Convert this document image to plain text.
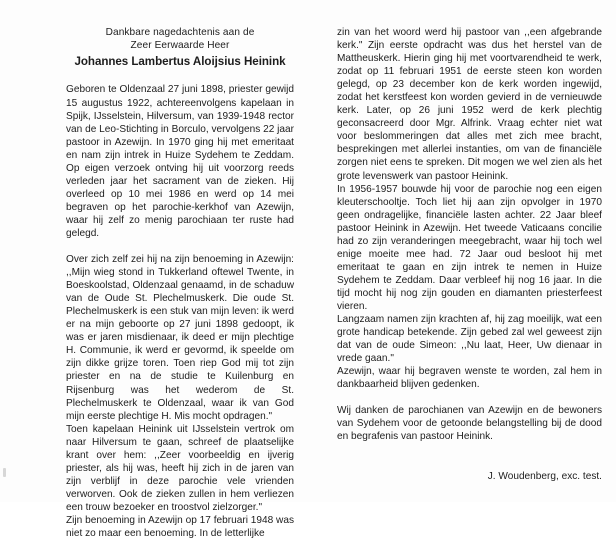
Dankbare nagedachtenis aan de
Zeer Eerwaarde Heer
Johannes Lambertus Aloijsius Heinink

Geboren te Oldenzaal 27 juni 1898, priester gewijd 15 augustus 1922, achtereenvolgens kapelaan in Spijk, IJsselstein, Hilversum, van 1939-1948 rector van de Leo-Stichting in Borculo, vervolgens 22 jaar pastoor in Azewijn. In 1970 ging hij met emeritaat en nam zijn intrek in Huize Sydehem te Zeddam. Op eigen verzoek ontving hij uit voorzorg reeds verleden jaar het sacrament van de zieken. Hij overleed op 10 mei 1986 en werd op 14 mei begraven op het parochie-kerkhof van Azewijn, waar hij zelf zo menig parochiaan ter ruste had gelegd.

Over zich zelf zei hij na zijn benoeming in Azewijn: ,,Mijn wieg stond in Tukkerland oftewel Twente, in Boeskoolstad, Oldenzaal genaamd, in de schaduw van de Oude St. Plechelmuskerk. Die oude St. Plechelmuskerk is een stuk van mijn leven: ik werd er na mijn geboorte op 27 juni 1898 gedoopt, ik was er jaren misdienaar, ik deed er mijn plechtige H. Communie, ik werd er gevormd, ik speelde om zijn dikke grijze toren. Toen riep God mij tot zijn priester en na de studie te Kuilenburg en Rijsenburg was het wederom de St. Plechelmuskerk te Oldenzaal, waar ik van God mijn eerste plechtige H. Mis mocht opdragen."

Toen kapelaan Heinink uit IJsselstein vertrok om naar Hilversum te gaan, schreef de plaatselijke krant over hem: ,,Zeer voorbeeldig en ijverig priester, als hij was, heeft hij zich in de jaren van zijn verblijf in deze parochie vele vrienden verworven. Ook de zieken zullen in hem verliezen een trouw bezoeker en troostvol zielzorger."

Zijn benoeming in Azewijn op 17 februari 1948 was niet zo maar een benoeming. In de letterlijke

zin van het woord werd hij pastoor van ,,een afgebrande kerk." Zijn eerste opdracht was dus het herstel van de Mattheuskerk. Hierin ging hij met voortvarendheid te werk, zodat op 11 februari 1951 de eerste steen kon worden gelegd, op 23 december kon de kerk worden ingewijd, zodat het kerstfeest kon worden gevierd in de vernieuwde kerk. Later, op 26 juni 1952 werd de kerk plechtig geconsacreerd door Mgr. Alfrink. Vraag echter niet wat voor beslommeringen dat alles met zich mee bracht, besprekingen met allerlei instanties, om van de financiële zorgen niet eens te spreken. Dit mogen we wel zien als het grote levenswerk van pastoor Heinink.

In 1956-1957 bouwde hij voor de parochie nog een eigen kleuterschooltje. Toch liet hij aan zijn opvolger in 1970 geen ondragelijke, financiële lasten achter. 22 Jaar bleef pastoor Heinink in Azewijn. Het tweede Vaticaans concilie had zo zijn veranderingen meegebracht, waar hij toch wel enige moeite mee had. 72 Jaar oud besloot hij met emeritaat te gaan en zijn intrek te nemen in Huize Sydehem te Zeddam. Daar verbleef hij nog 16 jaar. In die tijd mocht hij nog zijn gouden en diamanten priesterfeest vieren.

Langzaam namen zijn krachten af, hij zag moeilijk, wat een grote handicap betekende. Zijn gebed zal wel geweest zijn dat van de oude Simeon: ,,Nu laat, Heer, Uw dienaar in vrede gaan."

Azewijn, waar hij begraven wenste te worden, zal hem in dankbaarheid blijven gedenken.

Wij danken de parochianen van Azewijn en de bewoners van Sydehem voor de getoonde belangstelling bij de dood en begrafenis van pastoor Heinink.

J. Woudenberg, exc. test.
